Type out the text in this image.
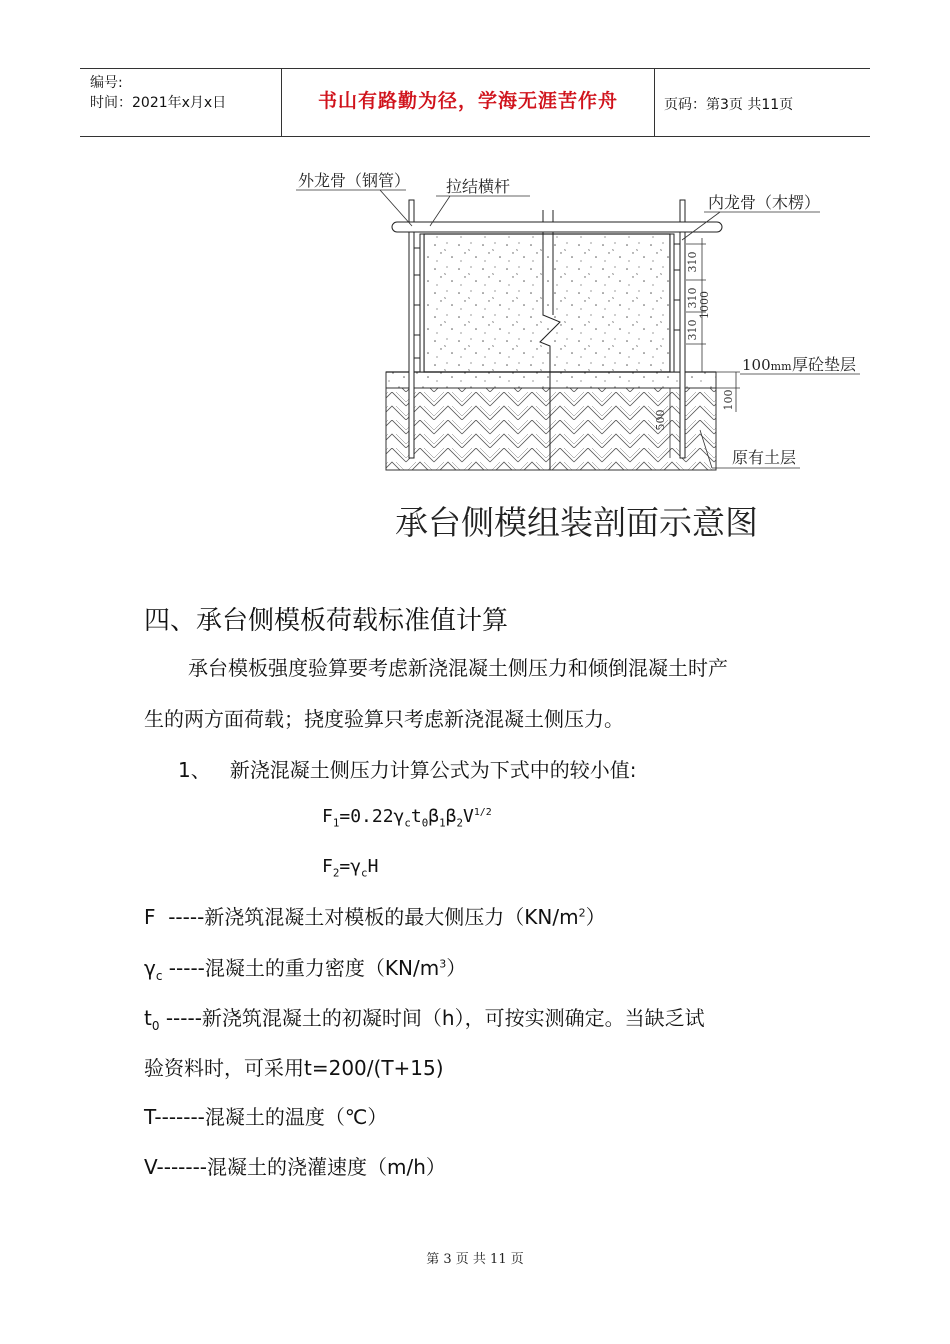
编号:
时间：2021年x月x日	书山有路勤为径，学海无涯苦作舟	页码：第3页 共11页
310
310
310
1000
100
500
外龙骨（钢管） 拉结横杆
内龙骨（木楞）
100mm 厚砼垫层
原有土层
承台侧模组装剖面示意图
四、承台侧模板荷载标准值计算
承台模板强度验算要考虑新浇混凝土侧压力和倾倒混凝土时产
生的两方面荷载；挠度验算只考虑新浇混凝土侧压力。
1、   新浇混凝土侧压力计算公式为下式中的较小值:
$F_1=0.22\gamma_ct_0\beta_1\beta_2V^{1/2}$
$F_2=\gamma_cH$
F  -----新浇筑混凝土对模板的最大侧压力$(KN/m^2)$
$\gamma_c$ -----混凝土的重力密度$(KN/m^3)$
$t_0$ -----新浇筑混凝土的初凝时间（h），可按实测确定。当缺乏试
验资料时，可采用t=200/(T+15)
T-------混凝土的温度（℃）
V-------混凝土的浇灌速度（m/h）
第 3 页 共 11 页
